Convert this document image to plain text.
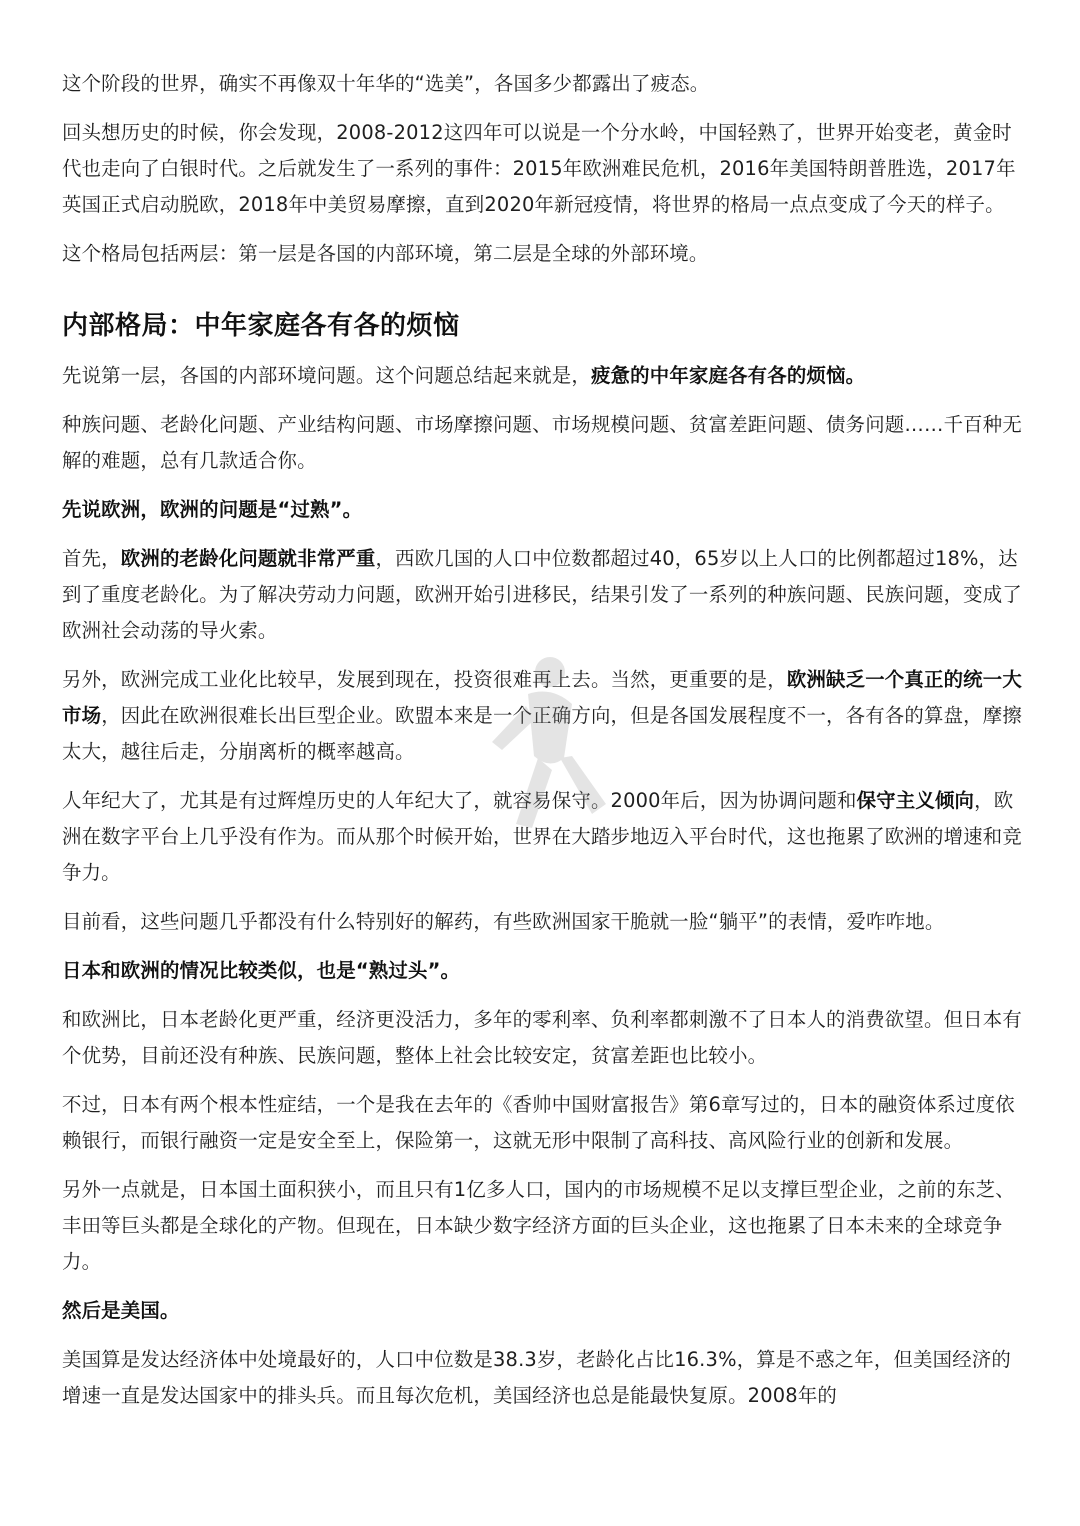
这个阶段的世界，确实不再像双十年华的“选美”，各国多少都露出了疲态。

回头想历史的时候，你会发现，2008-2012这四年可以说是一个分水岭，中国轻熟了，世界开始变老，黄金时代也走向了白银时代。之后就发生了一系列的事件：2015年欧洲难民危机，2016年美国特朗普胜选，2017年英国正式启动脱欧，2018年中美贸易摩擦，直到2020年新冠疫情，将世界的格局一点点变成了今天的样子。

这个格局包括两层：第一层是各国的内部环境，第二层是全球的外部环境。

内部格局：中年家庭各有各的烦恼

先说第一层，各国的内部环境问题。这个问题总结起来就是，疲惫的中年家庭各有各的烦恼。

种族问题、老龄化问题、产业结构问题、市场摩擦问题、市场规模问题、贫富差距问题、债务问题……千百种无解的难题，总有几款适合你。

先说欧洲，欧洲的问题是“过熟”。

首先，欧洲的老龄化问题就非常严重，西欧几国的人口中位数都超过40，65岁以上人口的比例都超过18%，达到了重度老龄化。为了解决劳动力问题，欧洲开始引进移民，结果引发了一系列的种族问题、民族问题，变成了欧洲社会动荡的导火索。

另外，欧洲完成工业化比较早，发展到现在，投资很难再上去。当然，更重要的是，欧洲缺乏一个真正的统一大市场，因此在欧洲很难长出巨型企业。欧盟本来是一个正确方向，但是各国发展程度不一，各有各的算盘，摩擦太大，越往后走，分崩离析的概率越高。

人年纪大了，尤其是有过辉煌历史的人年纪大了，就容易保守。2000年后，因为协调问题和保守主义倾向，欧洲在数字平台上几乎没有作为。而从那个时候开始，世界在大踏步地迈入平台时代，这也拖累了欧洲的增速和竞争力。

目前看，这些问题几乎都没有什么特别好的解药，有些欧洲国家干脆就一脸“躺平”的表情，爱咋咋地。

日本和欧洲的情况比较类似，也是“熟过头”。

和欧洲比，日本老龄化更严重，经济更没活力，多年的零利率、负利率都刺激不了日本人的消费欲望。但日本有个优势，目前还没有种族、民族问题，整体上社会比较安定，贫富差距也比较小。

不过，日本有两个根本性症结，一个是我在去年的《香帅中国财富报告》第6章写过的，日本的融资体系过度依赖银行，而银行融资一定是安全至上，保险第一，这就无形中限制了高科技、高风险行业的创新和发展。

另外一点就是，日本国土面积狭小，而且只有1亿多人口，国内的市场规模不足以支撑巨型企业，之前的东芝、丰田等巨头都是全球化的产物。但现在，日本缺少数字经济方面的巨头企业，这也拖累了日本未来的全球竞争力。

然后是美国。

美国算是发达经济体中处境最好的，人口中位数是38.3岁，老龄化占比16.3%，算是不惑之年，但美国经济的增速一直是发达国家中的排头兵。而且每次危机，美国经济也总是能最快复原。2008年的
